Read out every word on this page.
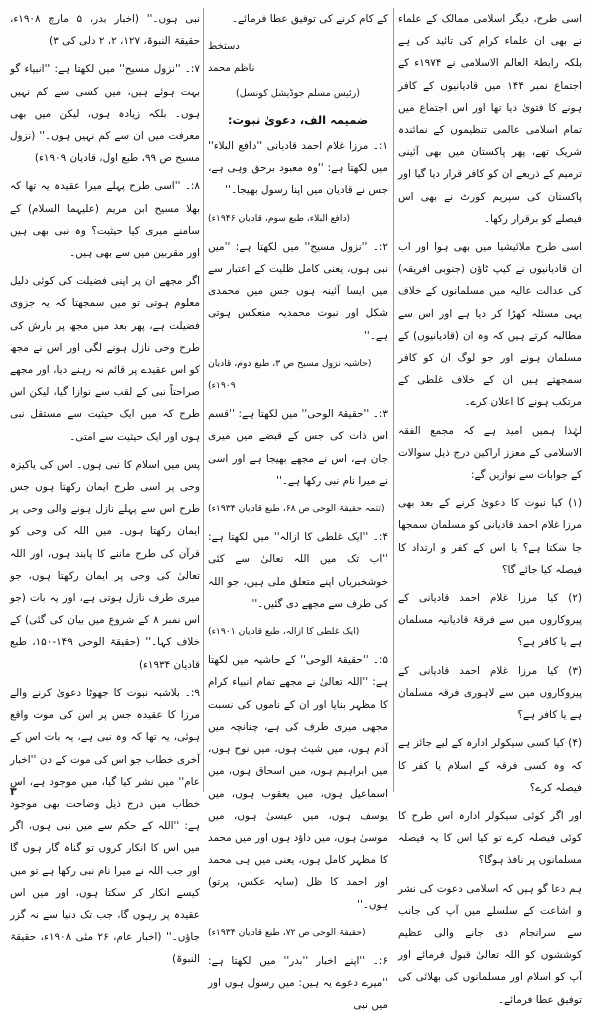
اسی طرح، دیگر اسلامی ممالک کے علماء نے بھی ان علماء کرام کی تائید کی ہے بلکہ رابطۃ العالم الاسلامی نے ۱۹۷۴ء کے اجتماع نمبر ۱۴۴ میں قادیانیوں کے کافر ہونے کا فتویٰ دیا تھا اور اس اجتماع میں تمام اسلامی عالمی تنظیموں کے نمائندہ شریک تھے، پھر پاکستان میں بھی آئینی ترمیم کے ذریعے ان کو کافر قرار دیا گیا اور پاکستان کی سپریم کورٹ نے بھی اس فیصلے کو برقرار رکھا۔

اسی طرح ملائیشیا میں بھی ہوا اور اب ان قادیانیوں نے کیپ ٹاؤن (جنوبی افریقہ) کی عدالت عالیہ میں مسلمانوں کے خلاف یہی مسئلہ کھڑا کر دیا ہے اور اس سے مطالبہ کرتے ہیں کہ وہ ان (قادیانیوں) کے مسلمان ہونے اور جو لوگ ان کو کافر سمجھتے ہیں ان کے خلاف غلطی کے مرتکب ہونے کا اعلان کرے۔

لہٰذا ہمیں امید ہے کہ مجمع الفقہ الاسلامی کے معزز اراکین درج ذیل سوالات کے جوابات سے نوازیں گے:

(۱) کیا نبوت کا دعویٰ کرنے کے بعد بھی مرزا غلام احمد قادیانی کو مسلمان سمجھا جا سکتا ہے؟ یا اس کے کفر و ارتداد کا فیصلہ کیا جائے گا؟

(۲) کیا مرزا غلام احمد قادیانی کے پیروکاروں میں سے فرقۂ قادیانیہ مسلمان ہے یا کافر ہے؟

(۳) کیا مرزا غلام احمد قادیانی کے پیروکاروں میں سے لاہوری فرقہ مسلمان ہے یا کافر ہے؟

(۴) کیا کسی سیکولر ادارہ کے لیے جائز ہے کہ وہ کسی فرقہ کے اسلام یا کفر کا فیصلہ کرے؟

اور اگر کوئی سیکولر ادارہ اس طرح کا کوئی فیصلہ کرے تو کیا اس کا یہ فیصلہ مسلمانوں پر نافذ ہوگا؟

ہم دعا گو ہیں کہ اسلامی دعوت کی نشر و اشاعت کے سلسلے میں آپ کی جانب سے سرانجام دی جانے والی عظیم کوششوں کو اللہ تعالیٰ قبول فرمائے اور آپ کو اسلام اور مسلمانوں کی بھلائی کی توفیق عطا فرمائے۔

کے کام کرنے کی توفیق عطا فرمائے۔

دستخط
ناظم محمد
(رئیس مسلم جوڈیشل کونسل)
ضمیمہ الف، دعویٰ نبوت:

۱:۔ مرزا غلام احمد قادیانی ''دافع البلاء'' میں لکھتا ہے: ''وہ معبود برحق وہی ہے، جس نے قادیان میں اپنا رسول بھیجا۔''

(دافع البلاء، طبع سوم، قادیان ۱۹۴۶ء)

۲:۔ ''نزول مسیح'' میں لکھتا ہے: ''میں نبی ہوں، یعنی کامل ظلیت کے اعتبار سے میں ایسا آئینہ ہوں جس میں محمدی شکل اور نبوت محمدیہ منعکس ہوتی ہے۔''

(حاشیہ نزول مسیح ص ۳، طبع دوم، قادیان ۱۹۰۹ء)

۳:۔ ''حقیقۃ الوحی'' میں لکھتا ہے: ''قسم اس ذات کی جس کے قبضے میں میری جان ہے، اس نے مجھے بھیجا ہے اور اسی نے میرا نام نبی رکھا ہے۔''

(تتمہ حقیقۃ الوحی ص ۶۸، طبع قادیان ۱۹۳۴ء)

۴:۔ ''ایک غلطی کا ازالہ'' میں لکھتا ہے: ''اب تک میں اللہ تعالیٰ سے کئی خوشخبریاں اپنے متعلق ملی ہیں، جو اللہ کی طرف سے مجھے دی گئیں۔''

(ایک غلطی کا ازالہ، طبع قادیان ۱۹۰۱ء)

۵:۔ ''حقیقۃ الوحی'' کے حاشیہ میں لکھتا ہے: ''اللہ تعالیٰ نے مجھے تمام انبیاء کرام کا مظہر بنایا اور ان کے ناموں کی نسبت مجھی میری طرف کی ہے، چنانچہ میں آدم ہوں، میں شیث ہوں، میں نوح ہوں، میں ابراہیم ہوں، میں اسحاق ہوں، میں اسماعیل ہوں، میں یعقوب ہوں، میں یوسف ہوں، میں عیسیٰ ہوں، میں موسیٰ ہوں، میں داؤد ہوں اور میں محمد کا مظہر کامل ہوں، یعنی میں ہی محمد اور احمد کا ظل (سایہ عکس، پرتو) ہوں۔''

(حقیقۃ الوحی ص ۷۲، طبع قادیان ۱۹۳۴ء)

۶:۔ ''اپنے اخبار ''بدر'' میں لکھتا ہے: ''میرے دعوے یہ ہیں: میں رسول ہوں اور میں نبی

نبی ہوں۔'' (اخبار بدر، ۵ مارچ ۱۹۰۸ء، حقیقۃ النبوۃ، ۱۲۷، ۲، ۲ دلی کی ۳)

۷:۔ ''نزول مسیح'' میں لکھتا ہے: ''انبیاء گو بہت ہوئے ہیں، میں کسی سے کم نہیں ہوں۔ بلکہ زیادہ ہوں، لیکن میں بھی معرفت میں ان سے کم نہیں ہوں۔'' (نزول مسیح ص ۹۹، طبع اول، قادیان ۱۹۰۹ء)

۸:۔ ''اسی طرح پہلے میرا عقیدہ یہ تھا کہ بھلا مسیح ابن مریم (علیہما السلام) کے سامنے میری کیا حیثیت؟ وہ نبی بھی ہیں اور مقربین میں سے بھی ہیں۔

اگر مجھے ان پر اپنی فضیلت کی کوئی دلیل معلوم ہوتی تو میں سمجھتا کہ یہ جزوی فضیلت ہے، پھر بعد میں مجھ پر بارش کی طرح وحی نازل ہونے لگی اور اس نے مجھ کو اس عقیدے پر قائم نہ رہنے دیا، اور مجھے صراحتاً نبی کے لقب سے نوازا گیا، لیکن اس طرح کہ میں ایک حیثیت سے مستقل نبی ہوں اور ایک حیثیت سے امتی۔

پس میں اسلام کا نبی ہوں۔ اس کی یاکیزہ وحی پر اسی طرح ایمان رکھتا ہوں جس طرح اس سے پہلے نازل ہونے والی وحی پر ایمان رکھتا ہوں۔ میں اللہ کی وحی کو قرآن کی طرح ماننے کا پابند ہوں، اور اللہ تعالیٰ کی وحی پر ایمان رکھتا ہوں، جو میری طرف نازل ہوتی ہے، اور یہ بات (جو اس نمبر ۸ کے شروع میں بیان کی گئی) کے خلاف کہا۔'' (حقیقۃ الوحی ۱۴۹-۱۵۰، طبع قادیان ۱۹۳۴ء)

۹:۔ بلاشبہ نبوت کا جھوٹا دعویٰ کرنے والے مرزا کا عقیدہ جس پر اس کی موت واقع ہوئی، یہ تھا کہ وہ نبی ہے، یہ بات اس کے آخری خطاب جو اس کی موت کے دن ''اخبار عام'' میں نشر کیا گیا، میں موجود ہے، اس خطاب میں درج ذیل وضاحت بھی موجود ہے: ''اللہ کے حکم سے میں نبی ہوں، اگر میں اس کا انکار کروں تو گناہ گار ہوں گا اور جب اللہ نے میرا نام نبی رکھا ہے تو میں کیسے انکار کر سکتا ہوں، اور میں اس عقیدہ پر رہوں گا، جب تک دنیا سے نہ گزر جاؤں۔'' (اخبار عام، ۲۶ مئی ۱۹۰۸ء، حقیقۃ النبوۃ)

۳
